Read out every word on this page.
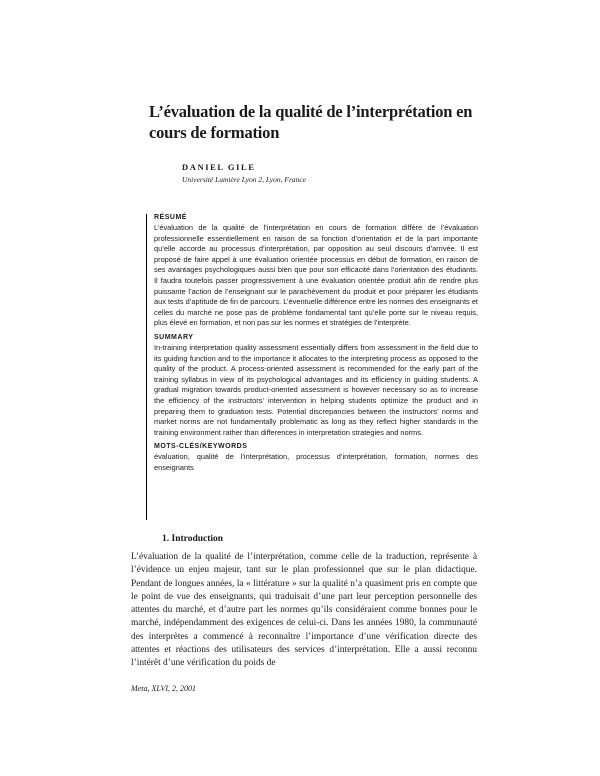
L’évaluation de la qualité de l’interprétation en cours de formation
DANIEL GILE
Université Lumière Lyon 2, Lyon, France
RÉSUMÉ

L’évaluation de la qualité de l’interprétation en cours de formation diffère de l’évaluation professionnelle essentiellement en raison de sa fonction d’orientation et de la part importante qu’elle accorde au processus d’interprétation, par opposition au seul discours d’arrivée. Il est proposé de faire appel à une évaluation orientée processus en début de formation, en raison de ses avantages psychologiques aussi bien que pour son efficacité dans l’orientation des étudiants. Il faudra toutefois passer progressivement à une évaluation orientée produit afin de rendre plus puissante l’action de l’enseignant sur le parachèvement du produit et pour préparer les étudiants aux tests d’aptitude de fin de parcours. L’éventuelle différence entre les normes des enseignants et celles du marché ne pose pas de problème fondamental tant qu’elle porte sur le niveau requis, plus élevé en formation, et non pas sur les normes et stratégies de l’interprète.

SUMMARY

In-training interpretation quality assessment essentially differs from assessment in the field due to its guiding function and to the importance it allocates to the interpreting process as opposed to the quality of the product. A process-oriented assessment is recommended for the early part of the training syllabus in view of its psychological advantages and its efficiency in guiding students. A gradual migration towards product-oriented assessment is however necessary so as to increase the efficiency of the instructors’ intervention in helping students optimize the product and in preparing them to graduation tests. Potential discrepancies between the instructors’ norms and market norms are not fundamentally problematic as long as they reflect higher standards in the training environment rather than differences in interpretation strategies and norms.

MOTS-CLÉS/KEYWORDS

évaluation, qualité de l’interprétation, processus d’interprétation, formation, normes des enseignants

1. Introduction

L’évaluation de la qualité de l’interprétation, comme celle de la traduction, représente à l’évidence un enjeu majeur, tant sur le plan professionnel que sur le plan didactique. Pendant de longues années, la « littérature » sur la qualité n’a quasiment pris en compte que le point de vue des enseignants, qui traduisait d’une part leur perception personnelle des attentes du marché, et d’autre part les normes qu’ils considéraient comme bonnes pour le marché, indépendamment des exigences de celui-ci. Dans les années 1980, la communauté des interprètes a commencé à reconnaître l’importance d’une vérification directe des attentes et réactions des utilisateurs des services d’interprétation. Elle a aussi reconnu l’intérêt d’une vérification du poids de

Meta, XLVI, 2, 2001
